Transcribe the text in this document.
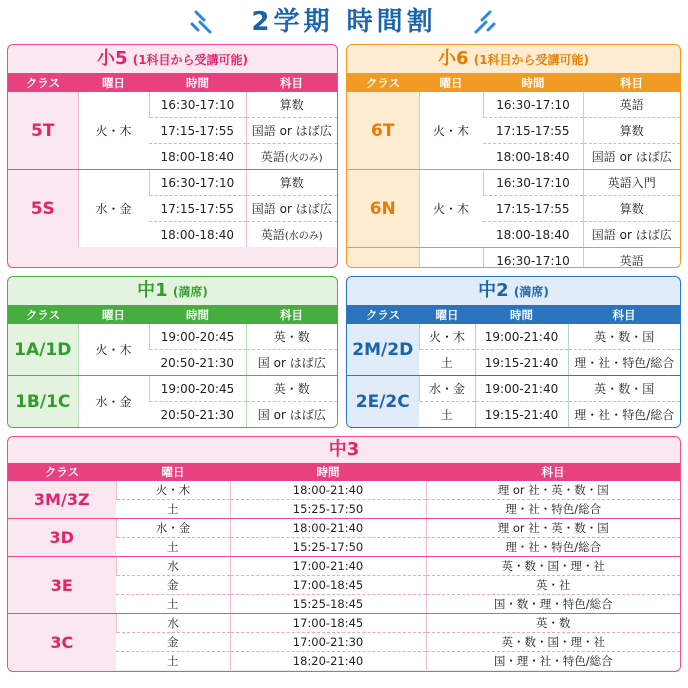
2学期 時間割
小5 (1科目から受講可能)
クラス	曜日	時間	科目
5T	火・木	16:30-17:10	算数
		17:15-17:55	国語 or はば広
		18:00-18:40	英語(火のみ)
5S	水・金	16:30-17:10	算数
		17:15-17:55	国語 or はば広
		18:00-18:40	英語(水のみ)
小6 (1科目から受講可能)
クラス	曜日	時間	科目
6T	火・木	16:30-17:10	英語
		17:15-17:55	算数
		18:00-18:40	国語 or はば広
6N	火・木	16:30-17:10	英語入門
		17:15-17:55	算数
		18:00-18:40	国語 or はば広
		16:30-17:10	英語

中1 (満席)
クラス	曜日	時間	科目
1A/1D	火・木	19:00-20:45	英・数
		20:50-21:30	国 or はば広
1B/1C	水・金	19:00-20:45	英・数
		20:50-21:30	国 or はば広
中2 (満席)
クラス	曜日	時間	科目
2M/2D	火・木	19:00-21:40	英・数・国
	土	19:15-21:40	理・社・特色/総合
2E/2C	水・金	19:00-21:40	英・数・国
	土	19:15-21:40	理・社・特色/総合
中3
クラス	曜日	時間	科目
3M/3Z	火・木	18:00-21:40	理 or 社・英・数・国
	土	15:25-17:50	理・社・特色/総合
3D	水・金	18:00-21:40	理 or 社・英・数・国
	土	15:25-17:50	理・社・特色/総合
3E	水	17:00-21:40	英・数・国・理・社
	金	17:00-18:45	英・社
	土	15:25-18:45	国・数・理・特色/総合
3C	水	17:00-18:45	英・数
	金	17:00-21:30	英・数・国・理・社
	土	18:20-21:40	国・理・社・特色/総合
